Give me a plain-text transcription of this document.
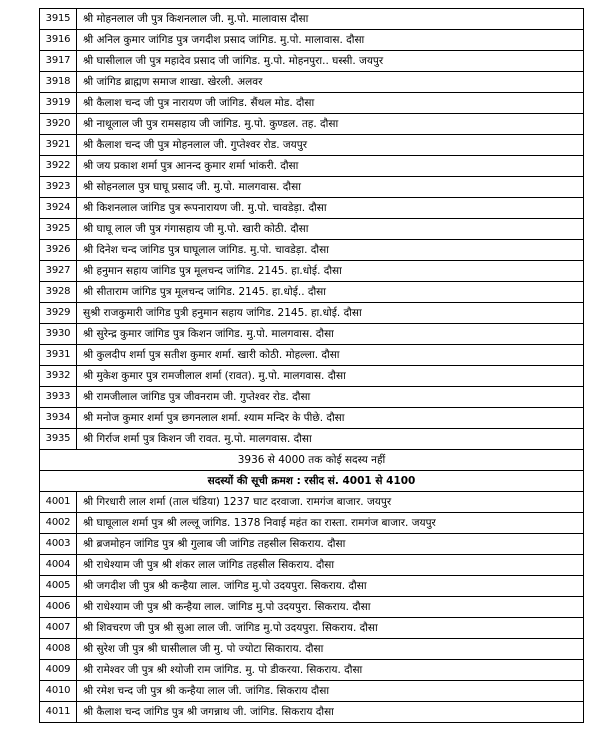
3915	श्री मोहनलाल जी पुत्र किशनलाल जी. मु.पो. मालावास दौसा
3916	श्री अनिल कुमार जांगिड पुत्र जगदीश प्रसाद जांगिड. मु.पो. मालावास. दौसा
3917	श्री घासीलाल जी पुत्र महादेव प्रसाद जी जांगिड. मु.पो. मोहनपुरा.. घस्सी. जयपुर
3918	श्री जांगिड ब्राह्मण समाज शाखा. खेरली. अलवर
3919	श्री कैलाश चन्द जी पुत्र नारायण जी जांगिड. सैंथल मोड. दौसा
3920	श्री नाथूलाल जी पुत्र रामसहाय जी जांगिड. मु.पो. कुण्डल. तह. दौसा
3921	श्री कैलाश चन्द जी पुत्र मोहनलाल जी. गुप्तेश्वर रोड. जयपुर
3922	श्री जय प्रकाश शर्मा पुत्र आनन्द कुमार शर्मा भांकरी. दौसा
3923	श्री सोहनलाल पुत्र घाघू प्रसाद जी. मु.पो. मालगवास. दौसा
3924	श्री किशनलाल जांगिड पुत्र रूपनारायण जी. मु.पो. चावडेड़ा. दौसा
3925	श्री घाघू लाल जी पुत्र गंगासहाय जी मु.पो. खारी कोठी. दौसा
3926	श्री दिनेश चन्द जांगिड पुत्र घाघूलाल जांगिड. मु.पो. चावडेड़ा. दौसा
3927	श्री हनुमान सहाय जांगिड पुत्र मूलचन्द जांगिड. 2145. हा.धोई. दौसा
3928	श्री सीताराम जांगिड पुत्र मूलचन्द जांगिड. 2145. हा.धोई.. दौसा
3929	सुश्री राजकुमारी जांगिड पुत्री हनुमान सहाय जांगिड. 2145. हा.धोई. दौसा
3930	श्री सुरेन्द्र कुमार जांगिड पुत्र किशन जांगिड. मु.पो. मालगवास. दौसा
3931	श्री कुलदीप शर्मा पुत्र सतीश कुमार शर्मा. खारी कोठी. मोहल्ला. दौसा
3932	श्री मुकेश कुमार पुत्र रामजीलाल शर्मा (रावत). मु.पो. मालगवास. दौसा
3933	श्री रामजीलाल जांगिड पुत्र जीवनराम जी. गुप्तेश्वर रोड. दौसा
3934	श्री मनोज कुमार शर्मा पुत्र छगनलाल शर्मा. श्याम मन्दिर के पीछे. दौसा
3935	श्री गिर्राज शर्मा पुत्र किशन जी रावत. मु.पो. मालगवास. दौसा
3936 से 4000 तक कोई सदस्य नहीं	
सदस्यों की सूची क्रमश : रसीद सं. 4001 से 4100	
4001	श्री गिरधारी लाल शर्मा (ताल चंडिया) 1237 घाट दरवाजा. रामगंज बाजार. जयपुर
4002	श्री घाघूलाल शर्मा पुत्र श्री लल्लू जांगिड. 1378 निवाई महंत का रास्ता. रामगंज बाजार. जयपुर
4003	श्री ब्रजमोहन जांगिड पुत्र श्री गुलाब जी जांगिड तहसील सिकराय. दौसा
4004	श्री राधेश्याम जी पुत्र श्री शंकर लाल जांगिड तहसील सिकराय. दौसा
4005	श्री जगदीश जी पुत्र श्री कन्हैया लाल. जांगिड मु.पो उदयपुरा. सिकराय. दौसा
4006	श्री राधेश्याम जी पुत्र श्री कन्हैया लाल. जांगिड मु.पो उदयपुरा. सिकराय. दौसा
4007	श्री शिवचरण जी पुत्र श्री सुआ लाल जी. जांगिड मु.पो उदयपुरा. सिकराय. दौसा
4008	श्री सुरेश जी पुत्र श्री घासीलाल जी मु. पो ज्योटा सिकाराय. दौसा
4009	श्री रामेश्वर जी पुत्र श्री श्योजी राम जांगिड. मु. पो डीकरया. सिकराय. दौसा
4010	श्री रमेश चन्द जी पुत्र श्री कन्हैया लाल जी. जांगिड. सिकराय दौसा
4011	श्री कैलाश चन्द जांगिड पुत्र श्री जगन्नाथ जी. जांगिड. सिकराय दौसा
